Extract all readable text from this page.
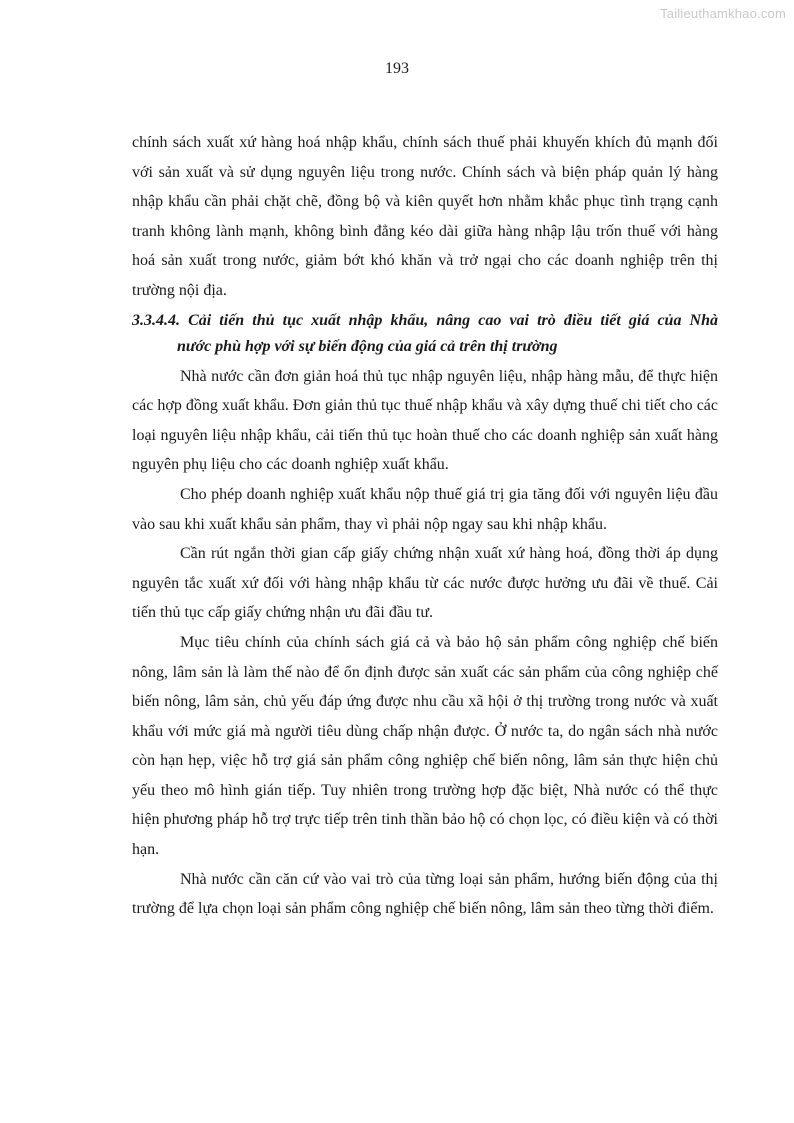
Tailieuthamkhao.com
193

chính sách xuất xứ hàng hoá nhập khẩu, chính sách thuế phải khuyến khích đủ mạnh đối với sản xuất và sử dụng nguyên liệu trong nước. Chính sách và biện pháp quản lý hàng nhập khẩu cần phải chặt chẽ, đồng bộ và kiên quyết hơn nhằm khắc phục tình trạng cạnh tranh không lành mạnh, không bình đẳng kéo dài giữa hàng nhập lậu trốn thuế với hàng hoá sản xuất trong nước, giảm bớt khó khăn và trở ngại cho các doanh nghiệp trên thị trường nội địa.

3.3.4.4. Cải tiến thủ tục xuất nhập khẩu, nâng cao vai trò điều tiết giá của Nhà
nước phù hợp với sự biến động của giá cả trên thị trường

Nhà nước cần đơn giản hoá thủ tục nhập nguyên liệu, nhập hàng mẫu, để thực hiện các hợp đồng xuất khẩu. Đơn giản thủ tục thuế nhập khẩu và xây dựng thuế chi tiết cho các loại nguyên liệu nhập khẩu, cải tiến thủ tục hoàn thuế cho các doanh nghiệp sản xuất hàng nguyên phụ liệu cho các doanh nghiệp xuất khẩu.

Cho phép doanh nghiệp xuất khẩu nộp thuế giá trị gia tăng đối với nguyên liệu đầu vào sau khi xuất khẩu sản phẩm, thay vì phải nộp ngay sau khi nhập khẩu.

Cần rút ngắn thời gian cấp giấy chứng nhận xuất xứ hàng hoá, đồng thời áp dụng nguyên tắc xuất xứ đối với hàng nhập khẩu từ các nước được hưởng ưu đãi về thuế. Cải tiến thủ tục cấp giấy chứng nhận ưu đãi đầu tư.

Mục tiêu chính của chính sách giá cả và bảo hộ sản phẩm công nghiệp chế biến nông, lâm sản là làm thế nào để ổn định được sản xuất các sản phẩm của công nghiệp chế biến nông, lâm sản, chủ yếu đáp ứng được nhu cầu xã hội ở thị trường trong nước và xuất khẩu với mức giá mà người tiêu dùng chấp nhận được. Ở nước ta, do ngân sách nhà nước còn hạn hẹp, việc hỗ trợ giá sản phẩm công nghiệp chế biến nông, lâm sản thực hiện chủ yếu theo mô hình gián tiếp. Tuy nhiên trong trường hợp đặc biệt, Nhà nước có thể thực hiện phương pháp hỗ trợ trực tiếp trên tinh thần bảo hộ có chọn lọc, có điều kiện và có thời hạn.

Nhà nước cần căn cứ vào vai trò của từng loại sản phẩm, hướng biến động của thị trường để lựa chọn loại sản phẩm công nghiệp chế biến nông, lâm sản theo từng thời điểm.
